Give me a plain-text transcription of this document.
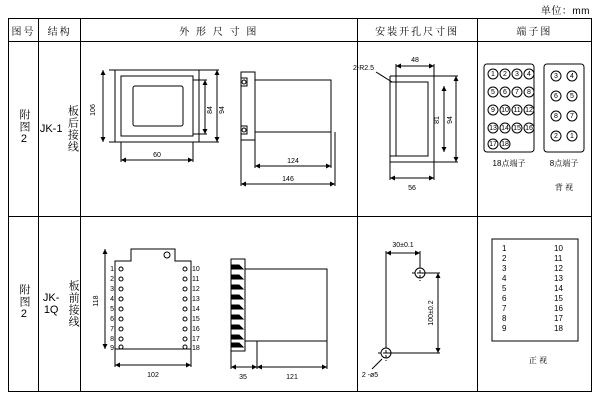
单位：mm
图号	结构	外 形 尺 寸 图	安装开孔尺寸图	端子图
附图2	JK-1 板后接线	106	84 94
60
124
146

2-R2.5
48
81 94
56

1 2 3 4
5 6 7 8
9 10 11 12
13 14 15 16
17 18
3 4
6 5
8 7
2 1
18点端子	8点端子
背 视

附图2	JK-1Q 板前接线	118
102	35	121
1
2
3
4
5
6
7
8
9
10
11
12
13
14
15
16
17
18

30±0.1
100±0.2
2 -ø5

1	10
2	11
3	12
4	13
5	14
6	15
7	16
8	17
9	18
正 视
